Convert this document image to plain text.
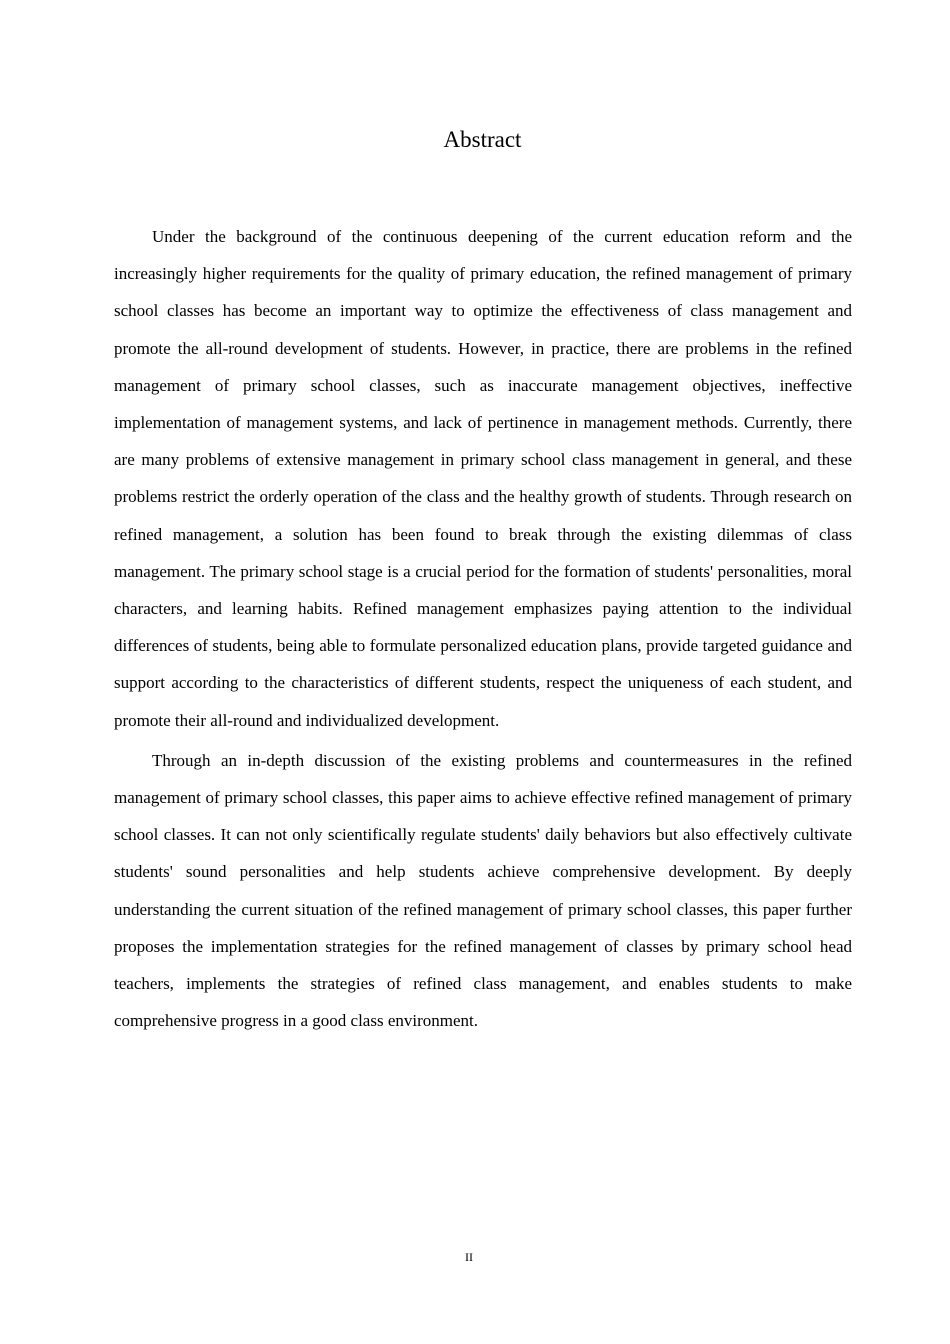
Abstract

Under the background of the continuous deepening of the current education reform and the increasingly higher requirements for the quality of primary education, the refined management of primary school classes has become an important way to optimize the effectiveness of class management and promote the all-round development of students. However, in practice, there are problems in the refined management of primary school classes, such as inaccurate management objectives, ineffective implementation of management systems, and lack of pertinence in management methods. Currently, there are many problems of extensive management in primary school class management in general, and these problems restrict the orderly operation of the class and the healthy growth of students. Through research on refined management, a solution has been found to break through the existing dilemmas of class management. The primary school stage is a crucial period for the formation of students' personalities, moral characters, and learning habits. Refined management emphasizes paying attention to the individual differences of students, being able to formulate personalized education plans, provide targeted guidance and support according to the characteristics of different students, respect the uniqueness of each student, and promote their all-round and individualized development.

Through an in-depth discussion of the existing problems and countermeasures in the refined management of primary school classes, this paper aims to achieve effective refined management of primary school classes. It can not only scientifically regulate students' daily behaviors but also effectively cultivate students' sound personalities and help students achieve comprehensive development. By deeply understanding the current situation of the refined management of primary school classes, this paper further proposes the implementation strategies for the refined management of classes by primary school head teachers, implements the strategies of refined class management, and enables students to make comprehensive progress in a good class environment.

II
